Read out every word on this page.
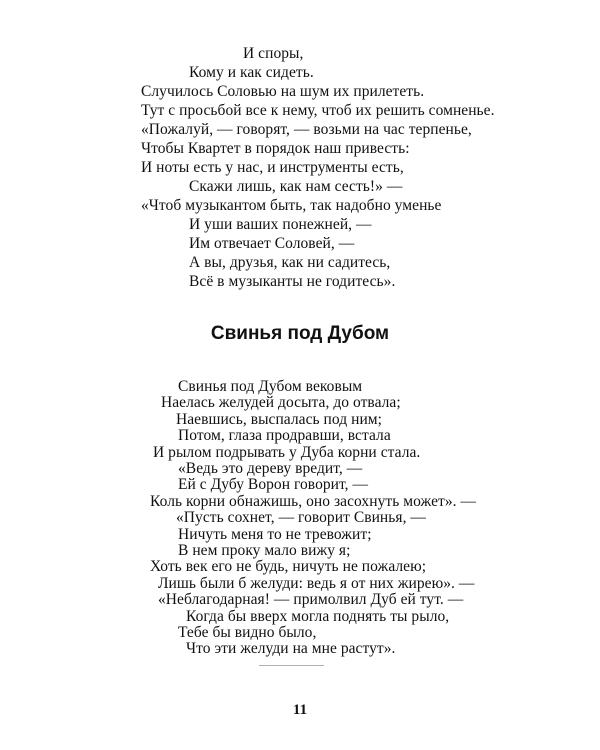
И споры,
Кому и как сидеть.
Случилось Соловью на шум их прилететь.
Тут с просьбой все к нему, чтоб их решить сомненье.
«Пожалуй, — говорят, — возьми на час терпенье,
Чтобы Квартет в порядок наш привесть:
И ноты есть у нас, и инструменты есть,
Скажи лишь, как нам сесть!» —
«Чтоб музыкантом быть, так надобно уменье
И уши ваших понежней, —
Им отвечает Соловей, —
А вы, друзья, как ни садитесь,
Всё в музыканты не годитесь».
Свинья под Дубом
Свинья под Дубом вековым
Наелась желудей досыта, до отвала;
Наевшись, выспалась под ним;
Потом, глаза продравши, встала
И рылом подрывать у Дуба корни стала.
«Ведь это дереву вредит, —
Ей с Дубу Ворон говорит, —
Коль корни обнажишь, оно засохнуть может». —
«Пусть сохнет, — говорит Свинья, —
Ничуть меня то не тревожит;
В нем проку мало вижу я;
Хоть век его не будь, ничуть не пожалею;
Лишь были б желуди: ведь я от них жирею». —
«Неблагодарная! — примолвил Дуб ей тут. —
Когда бы вверх могла поднять ты рыло,
Тебе бы видно было,
Что эти желуди на мне растут».
11
